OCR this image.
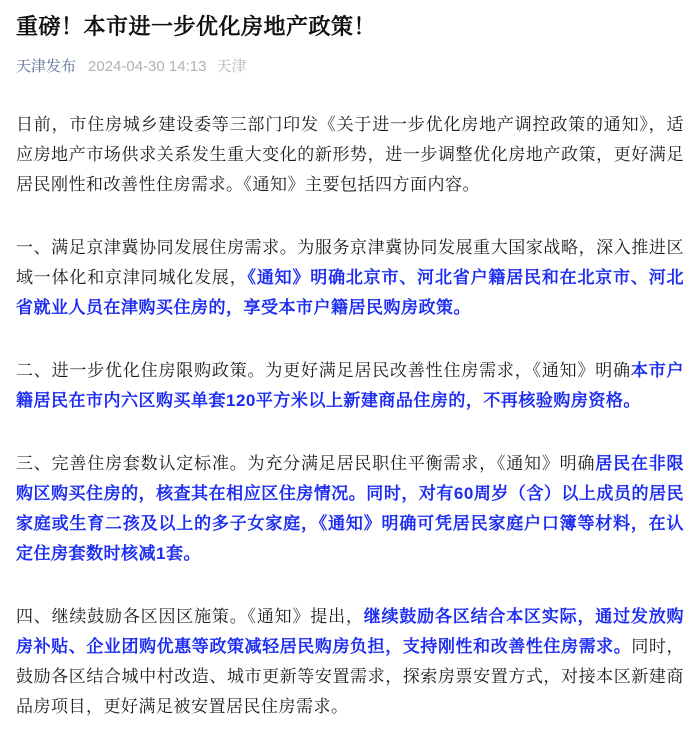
重磅！本市进一步优化房地产政策！
天津发布 2024-04-30 14:13 天津

日前，市住房城乡建设委等三部门印发《关于进一步优化房地产调控政策的通知》，适应房地产市场供求关系发生重大变化的新形势，进一步调整优化房地产政策，更好满足居民刚性和改善性住房需求。《通知》主要包括四方面内容。

一、满足京津冀协同发展住房需求。为服务京津冀协同发展重大国家战略，深入推进区域一体化和京津同城化发展，《通知》明确北京市、河北省户籍居民和在北京市、河北省就业人员在津购买住房的，享受本市户籍居民购房政策。

二、进一步优化住房限购政策。为更好满足居民改善性住房需求，《通知》明确本市户籍居民在市内六区购买单套120平方米以上新建商品住房的，不再核验购房资格。

三、完善住房套数认定标准。为充分满足居民职住平衡需求，《通知》明确居民在非限购区购买住房的，核查其在相应区住房情况。同时，对有60周岁（含）以上成员的居民家庭或生育二孩及以上的多子女家庭，《通知》明确可凭居民家庭户口簿等材料，在认定住房套数时核减1套。

四、继续鼓励各区因区施策。《通知》提出，继续鼓励各区结合本区实际，通过发放购房补贴、企业团购优惠等政策减轻居民购房负担，支持刚性和改善性住房需求。同时，鼓励各区结合城中村改造、城市更新等安置需求，探索房票安置方式，对接本区新建商品房项目，更好满足被安置居民住房需求。
